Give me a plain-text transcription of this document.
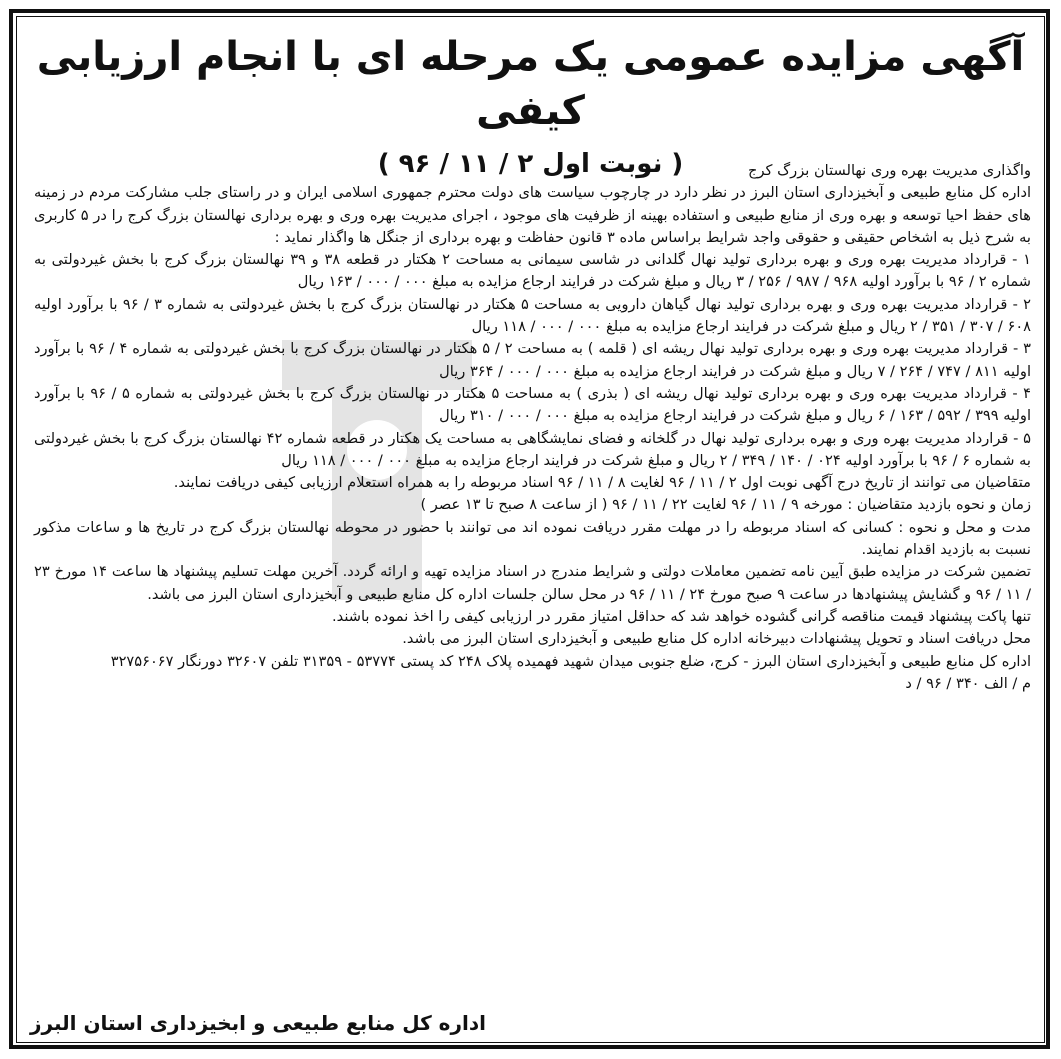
آگهی مزایده عمومی یک مرحله ای با انجام ارزیابی کیفی
( نوبت اول ۲ / ۱۱ / ۹۶ )	واگذاری مدیریت بهره وری نهالستان بزرگ کرج

اداره کل منابع طبیعی و آبخیزداری استان البرز در نظر دارد در چارچوب سیاست های دولت محترم جمهوری اسلامی ایران و در راستای جلب مشارکت مردم در زمینه های حفظ احیا توسعه و بهره وری از منابع طبیعی و استفاده بهینه از ظرفیت های موجود ، اجرای مدیریت بهره وری و بهره برداری نهالستان بزرگ کرج را در ۵ کاربری به شرح ذیل به اشخاص حقیقی و حقوقی واجد شرایط براساس ماده ۳ قانون حفاظت و بهره برداری از جنگل ها واگذار نماید :

۱ - قرارداد مدیریت بهره وری و بهره برداری تولید نهال گلدانی در شاسی سیمانی به مساحت ۲ هکتار در قطعه ۳۸ و ۳۹ نهالستان بزرگ کرج با بخش غیردولتی به شماره ۲ / ۹۶ با برآورد اولیه ۹۶۸ / ۹۸۷ / ۲۵۶ / ۳ ریال و مبلغ شرکت در فرایند ارجاع مزایده به مبلغ ۰۰۰ / ۰۰۰ / ۱۶۳ ریال

۲ - قرارداد مدیریت بهره وری و بهره برداری تولید نهال گیاهان دارویی به مساحت ۵ هکتار در نهالستان بزرگ کرج با بخش غیردولتی به شماره ۳ / ۹۶ با برآورد اولیه ۶۰۸ / ۳۰۷ / ۳۵۱ / ۲ ریال و مبلغ شرکت در فرایند ارجاع مزایده به مبلغ ۰۰۰ / ۰۰۰ / ۱۱۸ ریال

۳ - قرارداد مدیریت بهره وری و بهره برداری تولید نهال ریشه ای ( قلمه ) به مساحت ۲ / ۵ هکتار در نهالستان بزرگ کرج با بخش غیردولتی به شماره ۴ / ۹۶ با برآورد اولیه ۸۱۱ / ۷۴۷ / ۲۶۴ / ۷ ریال و مبلغ شرکت در فرایند ارجاع مزایده به مبلغ ۰۰۰ / ۰۰۰ / ۳۶۴ ریال

۴ - قرارداد مدیریت بهره وری و بهره برداری تولید نهال ریشه ای ( بذری ) به مساحت ۵ هکتار در نهالستان بزرگ کرج با بخش غیردولتی به شماره ۵ / ۹۶ با برآورد اولیه ۳۹۹ / ۵۹۲ / ۱۶۳ / ۶ ریال و مبلغ شرکت در فرایند ارجاع مزایده به مبلغ ۰۰۰ / ۰۰۰ / ۳۱۰ ریال

۵ - قرارداد مدیریت بهره وری و بهره برداری تولید نهال در گلخانه و فضای نمایشگاهی به مساحت یک هکتار در قطعه شماره ۴۲ نهالستان بزرگ کرج با بخش غیردولتی به شماره ۶ / ۹۶ با برآورد اولیه ۰۲۴ / ۱۴۰ / ۳۴۹ / ۲ ریال و مبلغ شرکت در فرایند ارجاع مزایده به مبلغ ۰۰۰ / ۰۰۰ / ۱۱۸ ریال

متقاضیان می توانند از تاریخ درج آگهی نوبت اول ۲ / ۱۱ / ۹۶ لغایت ۸ / ۱۱ / ۹۶ اسناد مربوطه را به همراه استعلام ارزیابی کیفی دریافت نمایند.

زمان و نحوه بازدید متقاضیان : مورخه ۹ / ۱۱ / ۹۶ لغایت ۲۲ / ۱۱ / ۹۶ ( از ساعت ۸ صبح تا ۱۳ عصر )

مدت و محل و نحوه : کسانی که اسناد مربوطه را در مهلت مقرر دریافت نموده اند می توانند با حضور در محوطه نهالستان بزرگ کرج در تاریخ ها و ساعات مذکور نسبت به بازدید اقدام نمایند.

تضمین شرکت در مزایده طبق آیین نامه تضمین معاملات دولتی و شرایط مندرج در اسناد مزایده تهیه و ارائه گردد. آخرین مهلت تسلیم پیشنهاد ها ساعت ۱۴ مورخ ۲۳ / ۱۱ / ۹۶ و گشایش پیشنهادها در ساعت ۹ صبح مورخ ۲۴ / ۱۱ / ۹۶ در محل سالن جلسات اداره کل منابع طبیعی و آبخیزداری استان البرز می باشد.

تنها پاکت پیشنهاد قیمت مناقصه گرانی گشوده خواهد شد که حداقل امتیاز مقرر در ارزیابی کیفی را اخذ نموده باشند.

محل دریافت اسناد و تحویل پیشنهادات دبیرخانه اداره کل منابع طبیعی و آبخیزداری استان البرز می باشد.

اداره کل منابع طبیعی و آبخیزداری استان البرز - کرج، ضلع جنوبی میدان شهید فهمیده پلاک ۲۴۸ کد پستی ۵۳۷۷۴ - ۳۱۳۵۹ تلفن ۳۲۶۰۷ دورنگار ۳۲۷۵۶۰۶۷

م / الف ۳۴۰ / ۹۶ / د

اداره کل منابع طبیعی و ابخیزداری استان البرز
